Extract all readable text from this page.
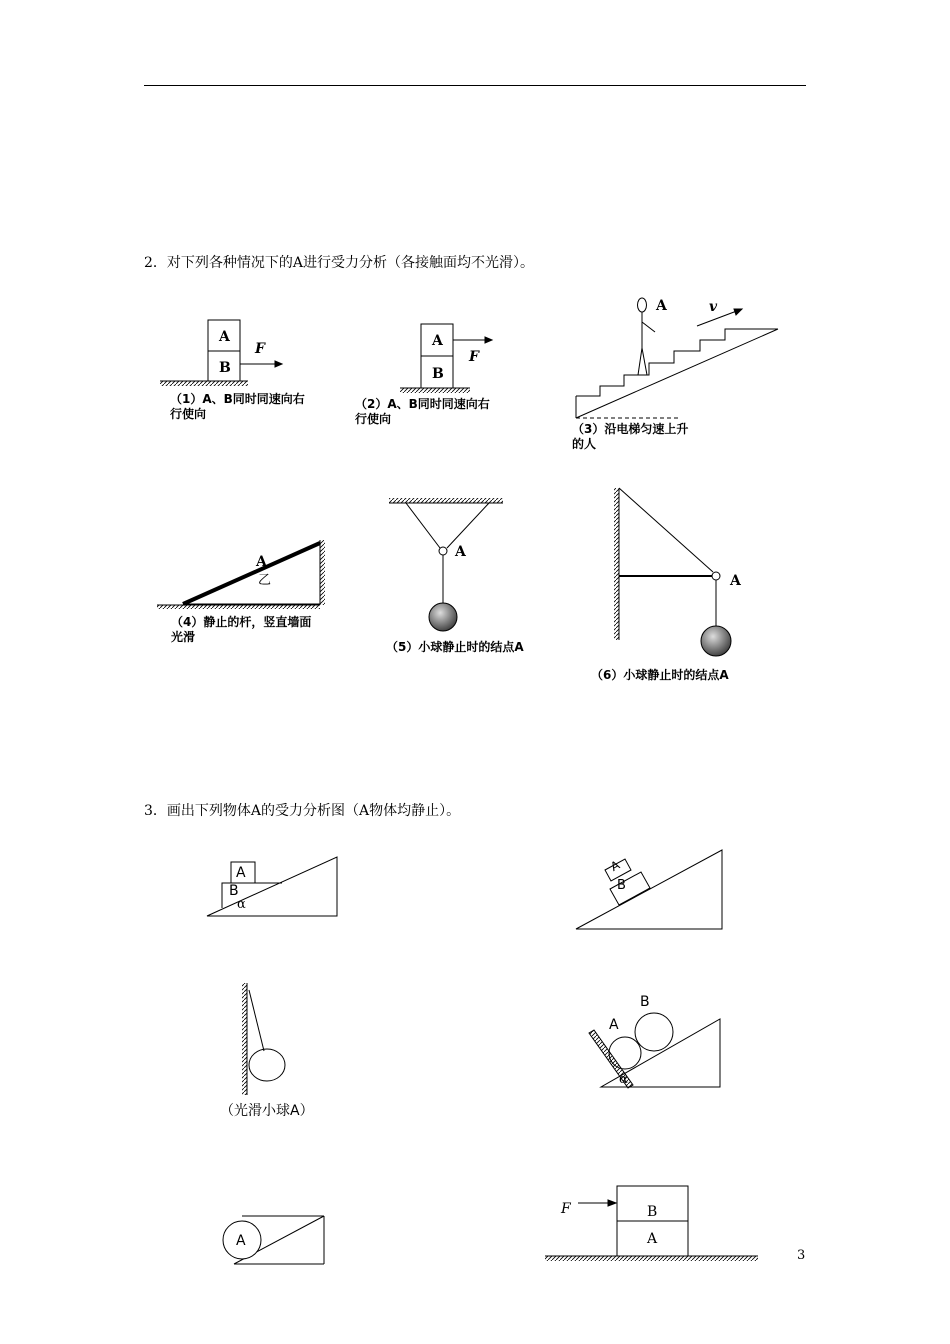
2．对下列各种情况下的A进行受力分析（各接触面均不光滑）。
3．画出下列物体A的受力分析图（A物体均静止）。
A
B
F	A
B
F
A	v
A
乙
A
A
A
B
α
A
B
（光滑小球A）
A
B
α
A
B
A
F
（1）A、B同时同速向右
行使向
（2）A、B同时同速向右
行使向
（3）沿电梯匀速上升
的人
（4）静止的杆，竖直墙面
光滑
（5）小球静止时的结点A
（6）小球静止时的结点A
3
